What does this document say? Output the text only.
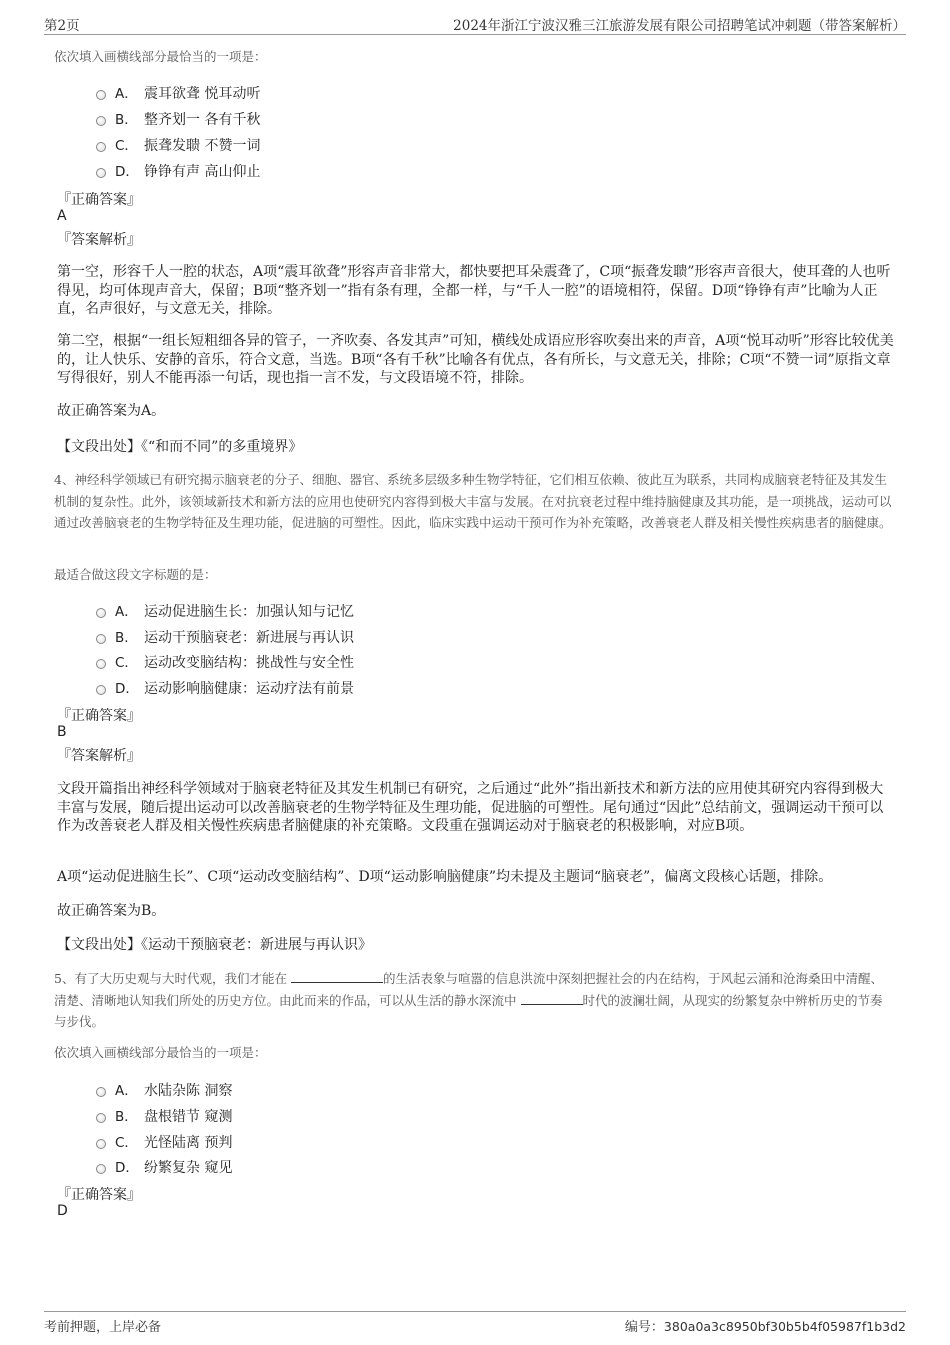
第2页	2024年浙江宁波汉雅三江旅游发展有限公司招聘笔试冲刺题（带答案解析）
依次填入画横线部分最恰当的一项是：
A． 震耳欲聋 悦耳动听
B． 整齐划一 各有千秋
C． 振聋发聩 不赞一词
D． 铮铮有声 高山仰止
『正确答案』
A
『答案解析』
第一空，形容千人一腔的状态，A项“震耳欲聋”形容声音非常大，都快要把耳朵震聋了，C项“振聋发聩”形容声音很大，使耳聋的人也听得见，均可体现声音大，保留；B项“整齐划一”指有条有理，全都一样，与“千人一腔”的语境相符，保留。D项“铮铮有声”比喻为人正直，名声很好，与文意无关，排除。
第二空，根据“一组长短粗细各异的管子，一齐吹奏、各发其声”可知，横线处成语应形容吹奏出来的声音，A项“悦耳动听”形容比较优美的，让人快乐、安静的音乐，符合文意，当选。B项“各有千秋”比喻各有优点，各有所长，与文意无关，排除；C项“不赞一词”原指文章写得很好，别人不能再添一句话，现也指一言不发，与文段语境不符，排除。
故正确答案为A。
【文段出处】《“和而不同”的多重境界》
4、神经科学领域已有研究揭示脑衰老的分子、细胞、器官、系统多层级多种生物学特征，它们相互依赖、彼此互为联系，共同构成脑衰老特征及其发生机制的复杂性。此外，该领域新技术和新方法的应用也使研究内容得到极大丰富与发展。在对抗衰老过程中维持脑健康及其功能，是一项挑战，运动可以通过改善脑衰老的生物学特征及生理功能，促进脑的可塑性。因此，临床实践中运动干预可作为补充策略，改善衰老人群及相关慢性疾病患者的脑健康。
最适合做这段文字标题的是：
A． 运动促进脑生长：加强认知与记忆
B． 运动干预脑衰老：新进展与再认识
C． 运动改变脑结构：挑战性与安全性
D． 运动影响脑健康：运动疗法有前景
『正确答案』
B
『答案解析』
文段开篇指出神经科学领域对于脑衰老特征及其发生机制已有研究，之后通过“此外”指出新技术和新方法的应用使其研究内容得到极大丰富与发展，随后提出运动可以改善脑衰老的生物学特征及生理功能，促进脑的可塑性。尾句通过“因此”总结前文，强调运动干预可以作为改善衰老人群及相关慢性疾病患者脑健康的补充策略。文段重在强调运动对于脑衰老的积极影响，对应B项。
A项“运动促进脑生长”、C项“运动改变脑结构”、D项“运动影响脑健康”均未提及主题词“脑衰老”，偏离文段核心话题，排除。
故正确答案为B。
【文段出处】《运动干预脑衰老：新进展与再认识》
5、有了大历史观与大时代观，我们才能在	的生活表象与喧嚣的信息洪流中深刻把握社会的内在结构，于风起云涌和沧海桑田中清醒、清楚、清晰地认知我们所处的历史方位。由此而来的作品，可以从生活的静水深流中	时代的波澜壮阔，从现实的纷繁复杂中辨析历史的节奏与步伐。
依次填入画横线部分最恰当的一项是：
A． 水陆杂陈 洞察
B． 盘根错节 窥测
C． 光怪陆离 预判
D． 纷繁复杂 窥见
『正确答案』
D
考前押题，上岸必备	编号：380a0a3c8950bf30b5b4f05987f1b3d2
